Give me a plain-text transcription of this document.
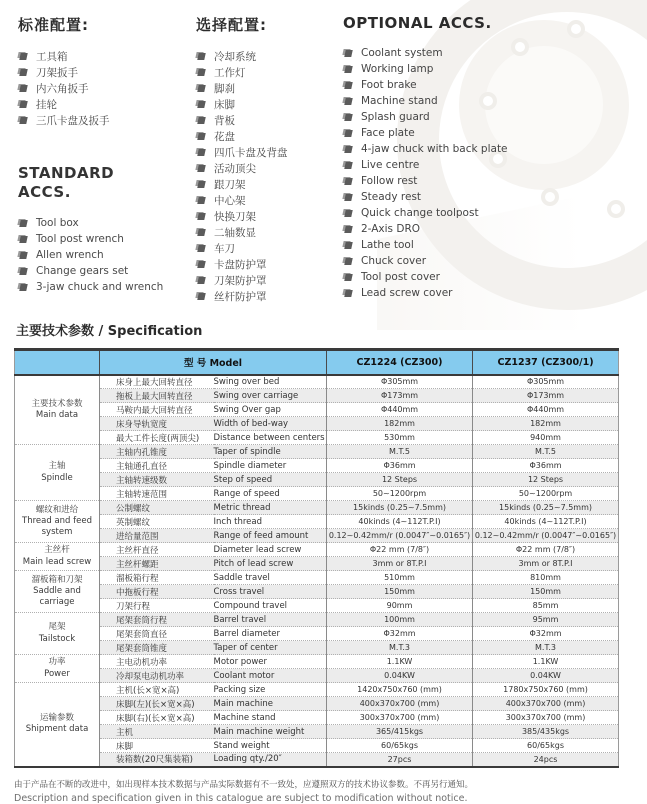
标准配置:
工具箱
刀架扳手
内六角扳手
挂轮
三爪卡盘及扳手
STANDARD ACCS.
Tool box
Tool post wrench
Allen wrench
Change gears set
3-jaw chuck and wrench
选择配置:
冷却系统
工作灯
脚刹
床脚
背板
花盘
四爪卡盘及背盘
活动顶尖
跟刀架
中心架
快换刀架
二轴数显
车刀
卡盘防护罩
刀架防护罩
丝杆防护罩
OPTIONAL ACCS.
Coolant system
Working lamp
Foot brake
Machine stand
Splash guard
Face plate
4-jaw chuck with back plate
Live centre
Follow rest
Steady rest
Quick change toolpost
2-Axis DRO
Lathe tool
Chuck cover
Tool post cover
Lead screw cover
主要技术参数 / Specification
	型 号 Model		CZ1224 (CZ300)	CZ1237 (CZ300/1)

主要技术参数
Main data	床身上最大回转直径	Swing over bed	Φ305mm	Φ305mm
	拖板上最大回转直径	Swing over carriage	Φ173mm	Φ173mm
	马鞍内最大回转直径	Swing Over gap	Φ440mm	Φ440mm
	床身导轨宽度	Width of bed-way	182mm	182mm
	最大工件长度(两顶尖)	Distance between centers	530mm	940mm

主轴
Spindle	主轴内孔锥度	Taper of spindle	M.T.5	M.T.5
	主轴通孔直径	Spindle diameter	Φ36mm	Φ36mm
	主轴转速级数	Step of speed	12 Steps	12 Steps
	主轴转速范围	Range of speed	50~1200rpm	50~1200rpm

螺纹和进给
Thread and feed system	公制螺纹	Metric thread	15kinds (0.25~7.5mm)	15kinds (0.25~7.5mm)
	英制螺纹	Inch thread	40kinds (4~112T.P.I)	40kinds (4~112T.P.I)
	进给量范围	Range of feed amount	0.12~0.42mm/r (0.0047″~0.0165″)	0.12~0.42mm/r (0.0047″~0.0165″)

主丝杆
Main lead screw	主丝杆直径	Diameter lead screw	Φ22 mm (7/8″)	Φ22 mm (7/8″)
	主丝杆螺距	Pitch of lead screw	3mm or 8T.P.I	3mm or 8T.P.I

溜板箱和刀架
Saddle and carriage	溜板箱行程	Saddle travel	510mm	810mm
	中拖板行程	Cross travel	150mm	150mm
	刀架行程	Compound travel	90mm	85mm

尾架
Tailstock	尾架套筒行程	Barrel travel	100mm	95mm
	尾架套筒直径	Barrel diameter	Φ32mm	Φ32mm
	尾架套筒锥度	Taper of center	M.T.3	M.T.3

功率
Power	主电动机功率	Motor power	1.1KW	1.1KW
	冷却泵电动机功率	Coolant motor	0.04KW	0.04KW

运输参数
Shipment data	主机(长×宽×高)	Packing size	1420x750x760 (mm)	1780x750x760 (mm)
	床脚(左)(长×宽×高)	Main machine	400x370x700 (mm)	400x370x700 (mm)
	床脚(右)(长×宽×高)	Machine stand	300x370x700 (mm)	300x370x700 (mm)
	主机	Main machine weight	365/415kgs	385/435kgs
	床脚	Stand weight	60/65kgs	60/65kgs
	装箱数(20尺集装箱)	Loading qty./20″	27pcs	24pcs

由于产品在不断的改进中，如出现样本技术数据与产品实际数据有不一致处，应遵照双方的技术协议参数。不再另行通知。

Description and specification given in this catalogue are subject to modification without notice.
